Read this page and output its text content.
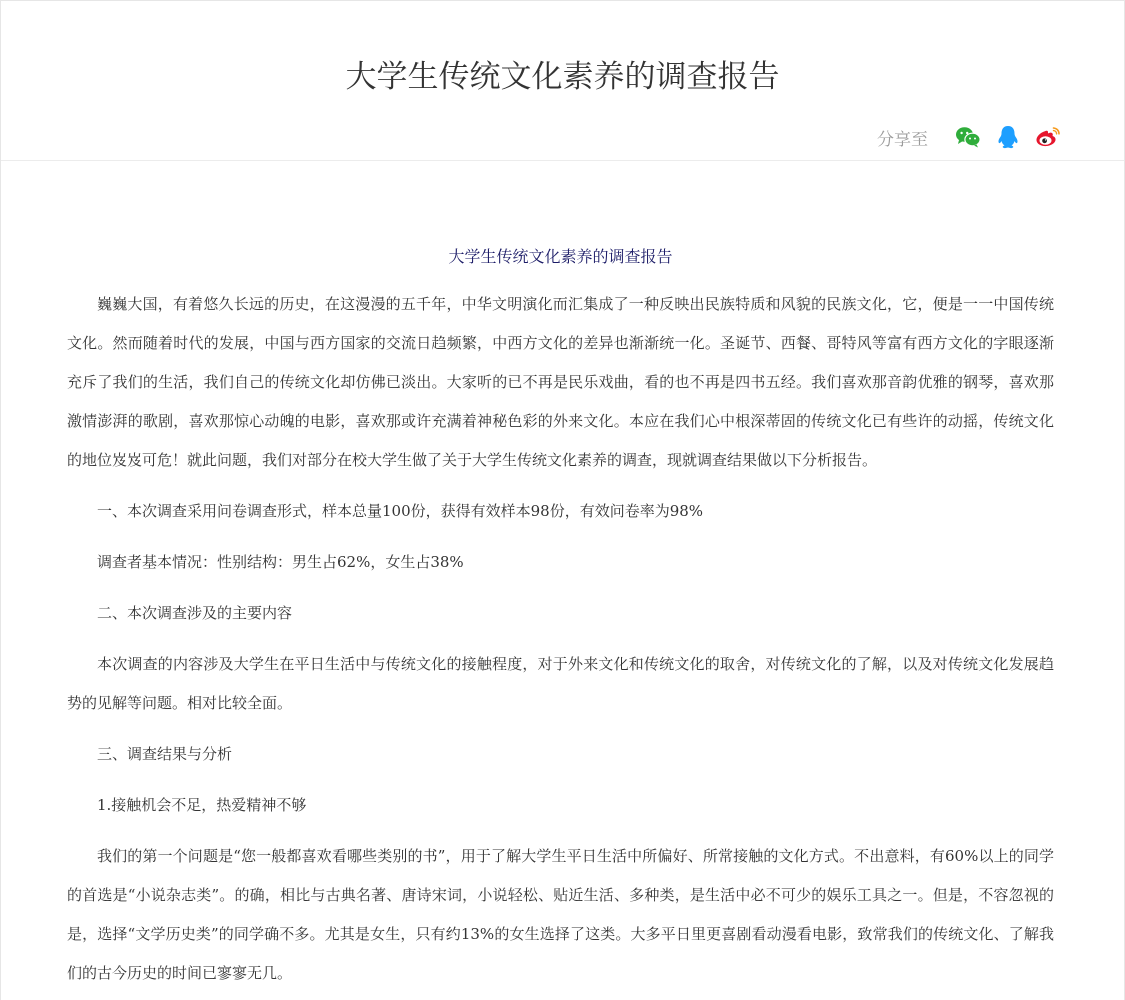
大学生传统文化素养的调查报告
分享至
大学生传统文化素养的调查报告

巍巍大国，有着悠久长远的历史，在这漫漫的五千年，中华文明演化而汇集成了一种反映出民族特质和风貌的民族文化，它，便是一一中国传统文化。然而随着时代的发展，中国与西方国家的交流日趋频繁，中西方文化的差异也渐渐统一化。圣诞节、西餐、哥特风等富有西方文化的字眼逐渐充斥了我们的生活，我们自己的传统文化却仿佛已淡出。大家听的已不再是民乐戏曲，看的也不再是四书五经。我们喜欢那音韵优雅的钢琴，喜欢那激情澎湃的歌剧，喜欢那惊心动魄的电影，喜欢那或许充满着神秘色彩的外来文化。本应在我们心中根深蒂固的传统文化已有些许的动摇，传统文化的地位岌岌可危！就此问题，我们对部分在校大学生做了关于大学生传统文化素养的调查，现就调查结果做以下分析报告。

一、本次调查采用问卷调查形式，样本总量100份，获得有效样本98份，有效问卷率为98%

调查者基本情况：性别结构：男生占62%，女生占38%

二、本次调查涉及的主要内容

本次调查的内容涉及大学生在平日生活中与传统文化的接触程度，对于外来文化和传统文化的取舍，对传统文化的了解，以及对传统文化发展趋势的见解等问题。相对比较全面。

三、调查结果与分析

1.接触机会不足，热爱精神不够

我们的第一个问题是“您一般都喜欢看哪些类别的书”，用于了解大学生平日生活中所偏好、所常接触的文化方式。不出意料，有60%以上的同学的首选是“小说杂志类”。的确，相比与古典名著、唐诗宋词，小说轻松、贴近生活、多种类，是生活中必不可少的娱乐工具之一。但是，不容忽视的是，选择“文学历史类”的同学确不多。尤其是女生，只有约13%的女生选择了这类。大多平日里更喜剧看动漫看电影，致常我们的传统文化、了解我们的古今历史的时间已寥寥无几。
